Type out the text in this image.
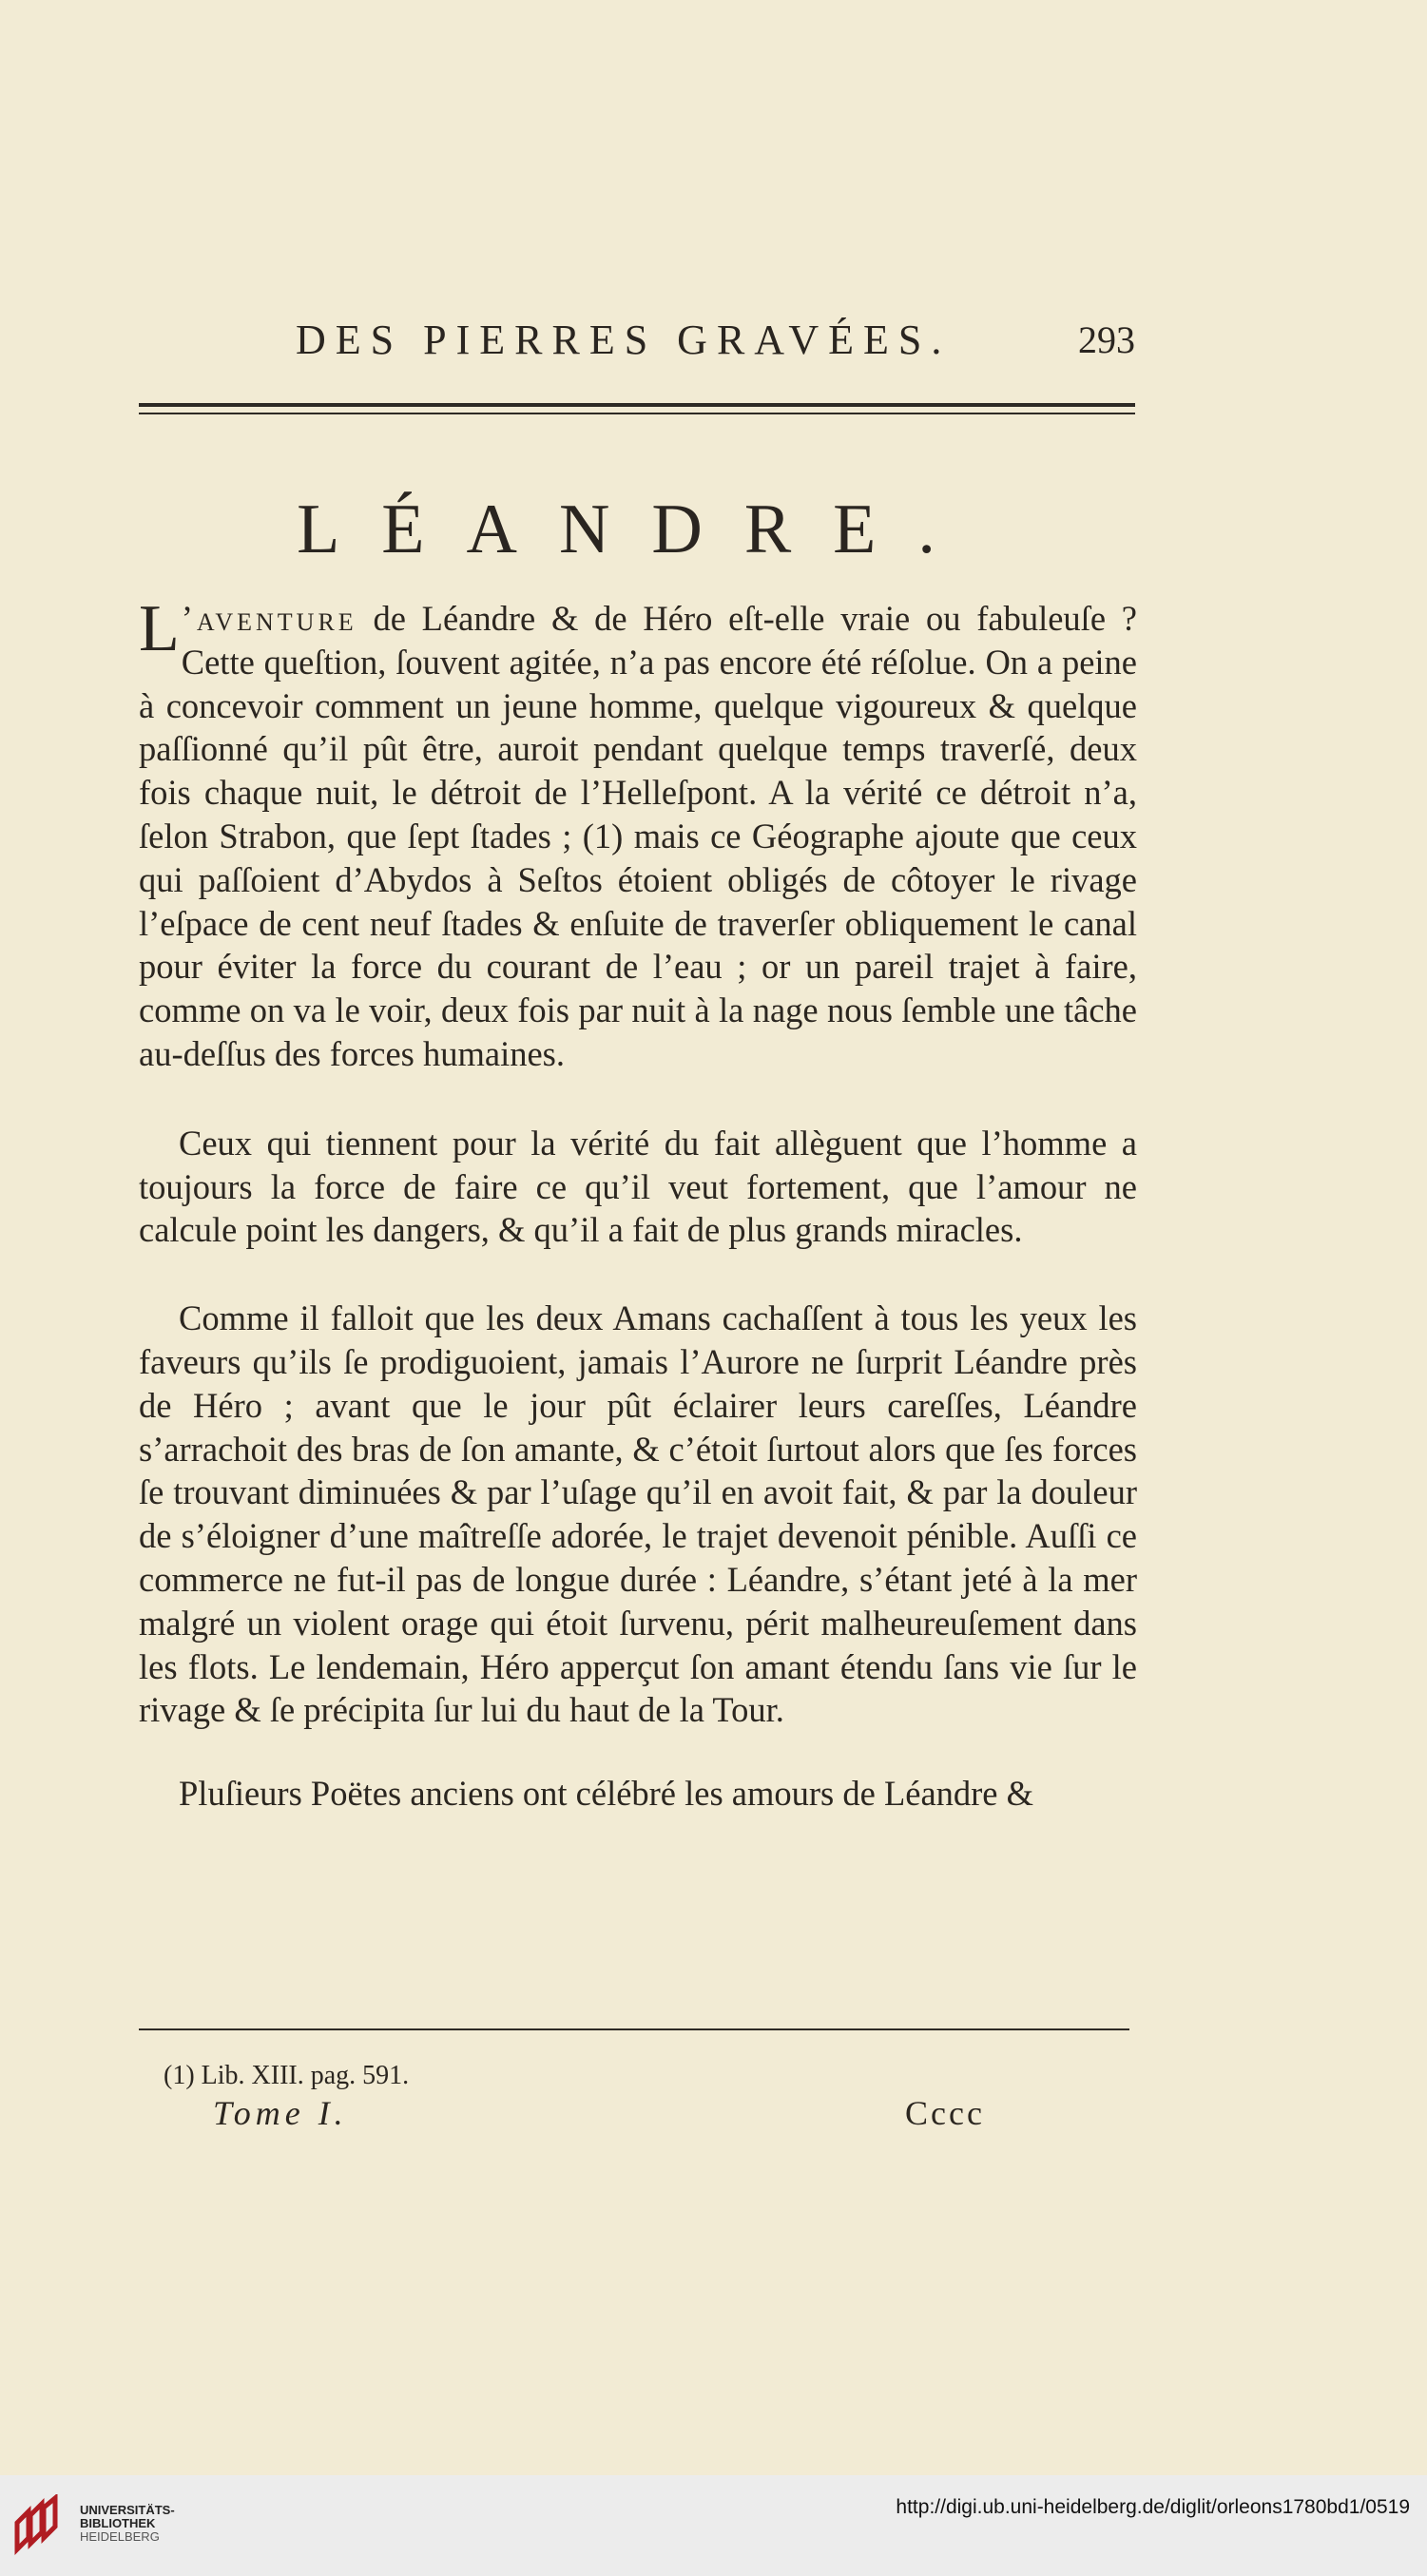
DES PIERRES GRAVÉES.	293
LÉANDRE.

L ’aventure de Léandre & de Héro eſt-elle vraie ou fabuleuſe ? Cette queſtion, ſouvent agitée, n’a pas encore été réſolue. On a peine à concevoir comment un jeune homme, quelque vigoureux & quelque paſſionné qu’il pût être, auroit pendant quelque temps traverſé, deux fois chaque nuit, le détroit de l’Helleſpont. A la vérité ce détroit n’a, ſelon Strabon, que ſept ſtades ; (1) mais ce Géographe ajoute que ceux qui paſſoient d’Abydos à Seſtos étoient obligés de côtoyer le rivage l’eſpace de cent neuf ſtades & enſuite de traverſer obliquement le canal pour éviter la force du courant de l’eau ; or un pareil trajet à faire, comme on va le voir, deux fois par nuit à la nage nous ſemble une tâche au-deſſus des forces humaines.

Ceux qui tiennent pour la vérité du fait allèguent que l’homme a toujours la force de faire ce qu’il veut fortement, que l’amour ne calcule point les dangers, & qu’il a fait de plus grands miracles.

Comme il falloit que les deux Amans cachaſſent à tous les yeux les faveurs qu’ils ſe prodiguoient, jamais l’Aurore ne ſurprit Léandre près de Héro ; avant que le jour pût éclairer leurs careſſes, Léandre s’arrachoit des bras de ſon amante, & c’étoit ſurtout alors que ſes forces ſe trouvant diminuées & par l’uſage qu’il en avoit fait, & par la douleur de s’éloigner d’une maîtreſſe adorée, le trajet devenoit pénible. Auſſi ce commerce ne fut-il pas de longue durée : Léandre, s’étant jeté à la mer malgré un violent orage qui étoit ſurvenu, périt malheureuſement dans les flots. Le lendemain, Héro apperçut ſon amant étendu ſans vie ſur le rivage & ſe précipita ſur lui du haut de la Tour.

Pluſieurs Poëtes anciens ont célébré les amours de Léandre &

(1) Lib. XIII. pag. 591.
Tome I.	Cccc
UNIVERSITÄTS-
BIBLIOTHEK
HEIDELBERG
http://digi.ub.uni-heidelberg.de/diglit/orleons1780bd1/0519
